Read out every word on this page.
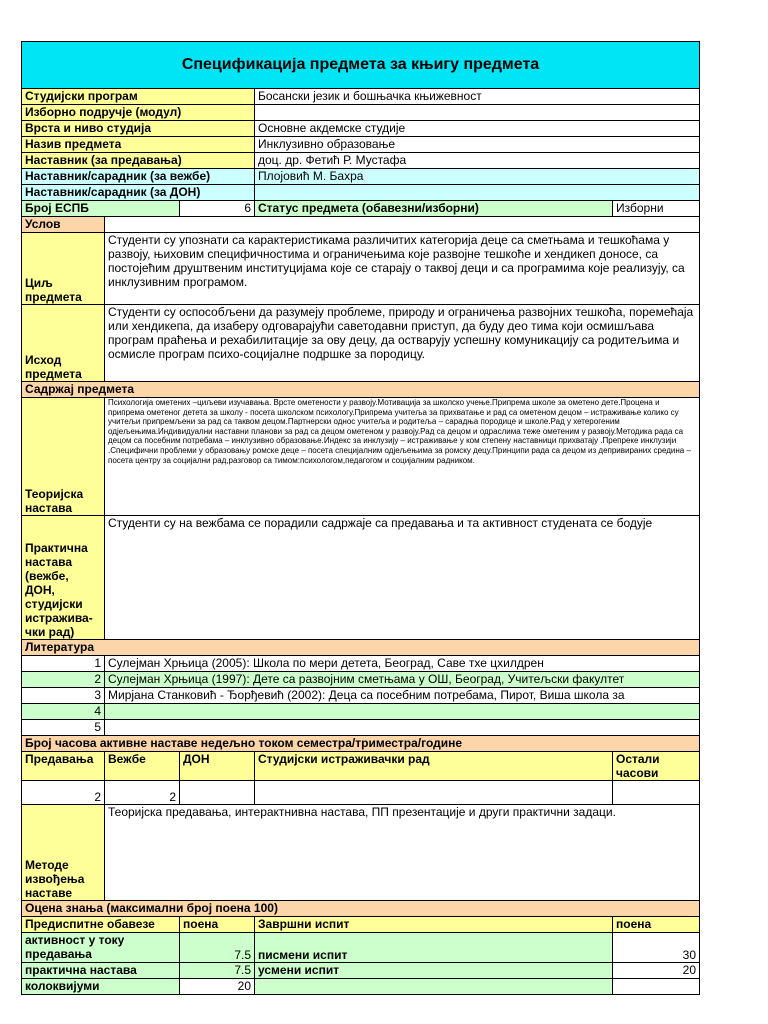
Спецификација предмета за књигу предмета				
Студијски програм			Босански језик и бошњачка књижевност	
Изборно подручје (модул)				
Врста и ниво студија			Основне акдемске студије	
Назив предмета			Инклузивно образовање	
Наставник (за предавања)			доц. др. Фетић Р. Мустафа	
Наставник/сарадник (за вежбе)			Плојовић М. Бахра	
Наставник/сарадник (за ДОН)				
Број ЕСПБ		6	Статус предмета (обавезни/изборни)	Изборни
Услов				
Циљ предмета	Студенти су упознати са карактеристикама различитих категорија деце са сметњама и тешкоћама у развоју, њиховим специфичностима и ограничењима које развојне тешкоће и хендикеп доносе, са постојећим друштвеним институцијама које се старају о таквој деци и са програмима које реализују, са инклузивним програмом.			
Исход предмета	Студенти су оспособљени да разумеју проблеме, природу и ограничења развојних тешкоћа, поремећаја или хендикепа, да изаберу одговарајући саветодавни приступ, да буду део тима који осмишљава програм праћења и рехабилитације за ову децу, да остварују успешну комуникацију са родитељима и осмисле програм психо-социјалне подршке за породицу.			
Садржај предмета				
Теоријска настава	Психологија ометених –циљеви изучавања. Врсте ометености у развоју.Мотивација за школско учење.Припрема школе за ометено дете.Процена и припрема ометеног детета за школу - посета школском психологу.Припрема учитеља за прихватање и рад са ометеном децом – истраживање колико су учитељи припремљени за рад са таквом децом.Партнерски однос учитеља и родитеља – сарадња породице и школе.Рад у хетерогеним одјељењима.Индивидуални наставни планови за рад са децом ометеном у развоју.Рад са децом и одраслима теже ометеним у развоју.Методика рада са децом са посебним потребама – инклузивно образовање.Индекс за инклузију – истраживање у ком степену наставници прихватају .Препреке инклузији .Специфични проблеми у образовању ромске деце – посета специјалним одјељењима за ромску децу.Принципи рада са децом из депривираних средина – посета центру за социјални рад,разговор са тимом:психологом,педагогом и социјалним радником.			
Практична настава (вежбе, ДОН, студијски истражива-чки рад)	Студенти су на вежбама се порадили садржаје са предавања и та активност студената се бодује			
Литература				
1	Сулејман Хрњица (2005): Школа по мери детета, Београд, Саве тхе цхилдрен			
2	Сулејман Хрњица (1997): Дете са развојним сметњама у ОШ, Београд, Учитељски факултет			
3	Мирјана Станковић - Ђорђевић (2002): Деца са посебним потребама, Пирот, Виша школа за			
4				
5				
Број часова активне наставе недељно током семестра/триместра/године				
Предавања	Вежбе	ДОН	Студијски истраживачки рад	Остали часови
2	2			
Методе извођења наставе	Теоријска предавања, интерактнивна настава, ПП презентације и други практични задаци.			
Оцена знања (максимални број поена 100)				
Предиспитне обавезе		поена	Завршни испит	поена
активност у току предавања		7.5	писмени испит	30
практична настава		7.5	усмени испит	20
колоквијуми		20		
